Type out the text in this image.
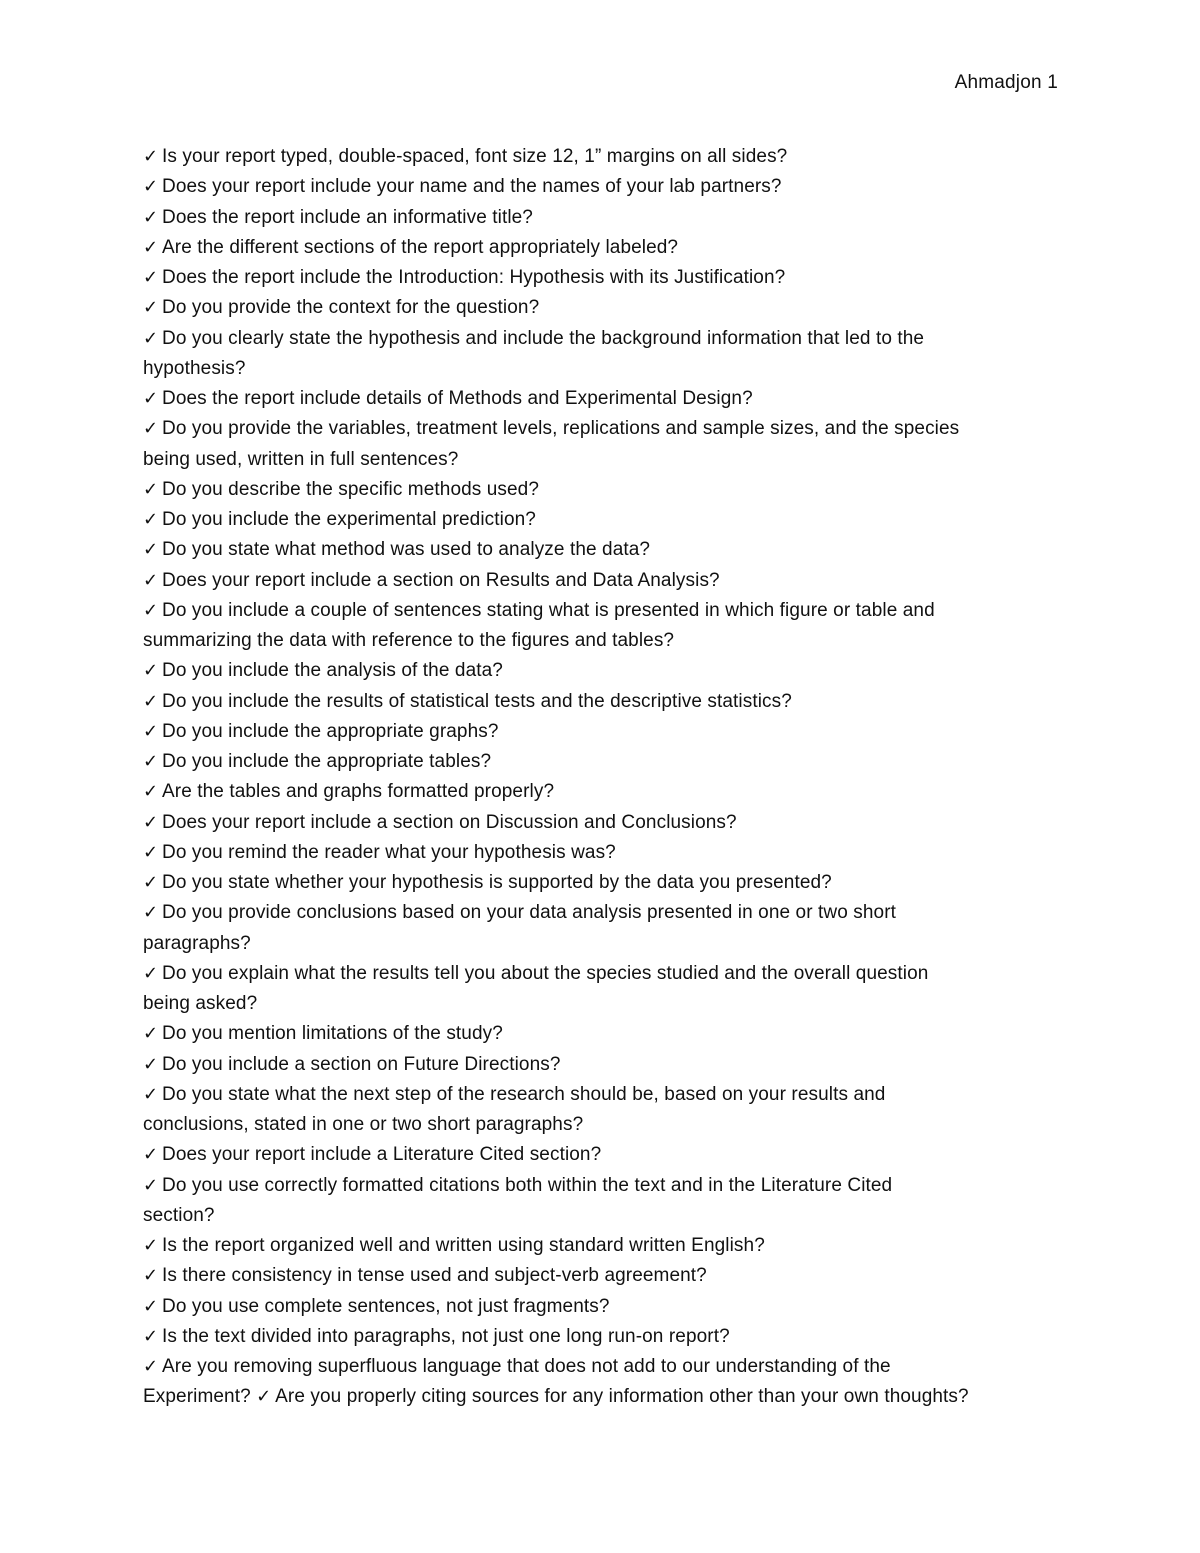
Ahmadjon 1
✓ Is your report typed, double-spaced, font size 12, 1” margins on all sides?
✓ Does your report include your name and the names of your lab partners?
✓ Does the report include an informative title?
✓ Are the different sections of the report appropriately labeled?
✓ Does the report include the Introduction: Hypothesis with its Justification?
✓ Do you provide the context for the question?
✓ Do you clearly state the hypothesis and include the background information that led to the
hypothesis?
✓ Does the report include details of Methods and Experimental Design?
✓ Do you provide the variables, treatment levels, replications and sample sizes, and the species
being used, written in full sentences?
✓ Do you describe the specific methods used?
✓ Do you include the experimental prediction?
✓ Do you state what method was used to analyze the data?
✓ Does your report include a section on Results and Data Analysis?
✓ Do you include a couple of sentences stating what is presented in which figure or table and
summarizing the data with reference to the figures and tables?
✓ Do you include the analysis of the data?
✓ Do you include the results of statistical tests and the descriptive statistics?
✓ Do you include the appropriate graphs?
✓ Do you include the appropriate tables?
✓ Are the tables and graphs formatted properly?
✓ Does your report include a section on Discussion and Conclusions?
✓ Do you remind the reader what your hypothesis was?
✓ Do you state whether your hypothesis is supported by the data you presented?
✓ Do you provide conclusions based on your data analysis presented in one or two short
paragraphs?
✓ Do you explain what the results tell you about the species studied and the overall question
being asked?
✓ Do you mention limitations of the study?
✓ Do you include a section on Future Directions?
✓ Do you state what the next step of the research should be, based on your results and
conclusions, stated in one or two short paragraphs?
✓ Does your report include a Literature Cited section?
✓ Do you use correctly formatted citations both within the text and in the Literature Cited
section?
✓ Is the report organized well and written using standard written English?
✓ Is there consistency in tense used and subject-verb agreement?
✓ Do you use complete sentences, not just fragments?
✓ Is the text divided into paragraphs, not just one long run-on report?
✓ Are you removing superfluous language that does not add to our understanding of the
Experiment? ✓ Are you properly citing sources for any information other than your own thoughts?
